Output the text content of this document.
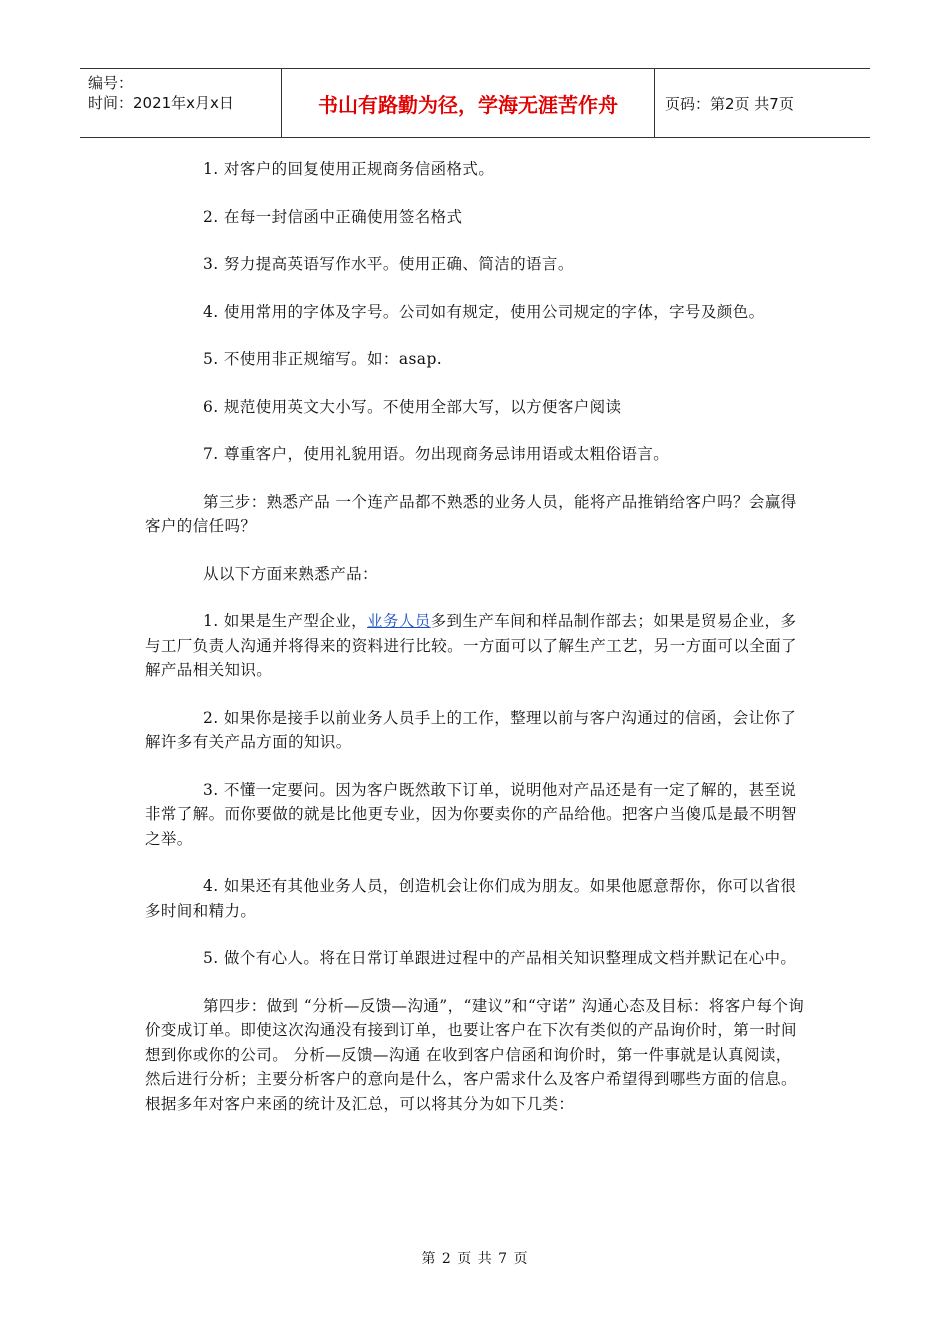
编号：
时间：2021年x月x日	书山有路勤为径，学海无涯苦作舟	页码：第2页 共7页

1. 对客户的回复使用正规商务信函格式。

2. 在每一封信函中正确使用签名格式

3. 努力提高英语写作水平。使用正确、简洁的语言。

4. 使用常用的字体及字号。公司如有规定，使用公司规定的字体，字号及颜色。

5. 不使用非正规缩写。如：asap.

6. 规范使用英文大小写。不使用全部大写，以方便客户阅读

7. 尊重客户，使用礼貌用语。勿出现商务忌讳用语或太粗俗语言。

第三步：熟悉产品 一个连产品都不熟悉的业务人员，能将产品推销给客户吗？会赢得客户的信任吗？

从以下方面来熟悉产品：

1. 如果是生产型企业，业务人员多到生产车间和样品制作部去；如果是贸易企业，多与工厂负责人沟通并将得来的资料进行比较。一方面可以了解生产工艺，另一方面可以全面了解产品相关知识。

2. 如果你是接手以前业务人员手上的工作，整理以前与客户沟通过的信函，会让你了解许多有关产品方面的知识。

3. 不懂一定要问。因为客户既然敢下订单，说明他对产品还是有一定了解的，甚至说非常了解。而你要做的就是比他更专业，因为你要卖你的产品给他。把客户当傻瓜是最不明智之举。

4. 如果还有其他业务人员，创造机会让你们成为朋友。如果他愿意帮你，你可以省很多时间和精力。

5. 做个有心人。将在日常订单跟进过程中的产品相关知识整理成文档并默记在心中。

第四步：做到 “分析—反馈—沟通”，“建议”和“守诺” 沟通心态及目标：将客户每个询价变成订单。即使这次沟通没有接到订单，也要让客户在下次有类似的产品询价时，第一时间想到你或你的公司。 分析—反馈—沟通 在收到客户信函和询价时，第一件事就是认真阅读，然后进行分析；主要分析客户的意向是什么，客户需求什么及客户希望得到哪些方面的信息。 根据多年对客户来函的统计及汇总，可以将其分为如下几类：

第 2 页 共 7 页
